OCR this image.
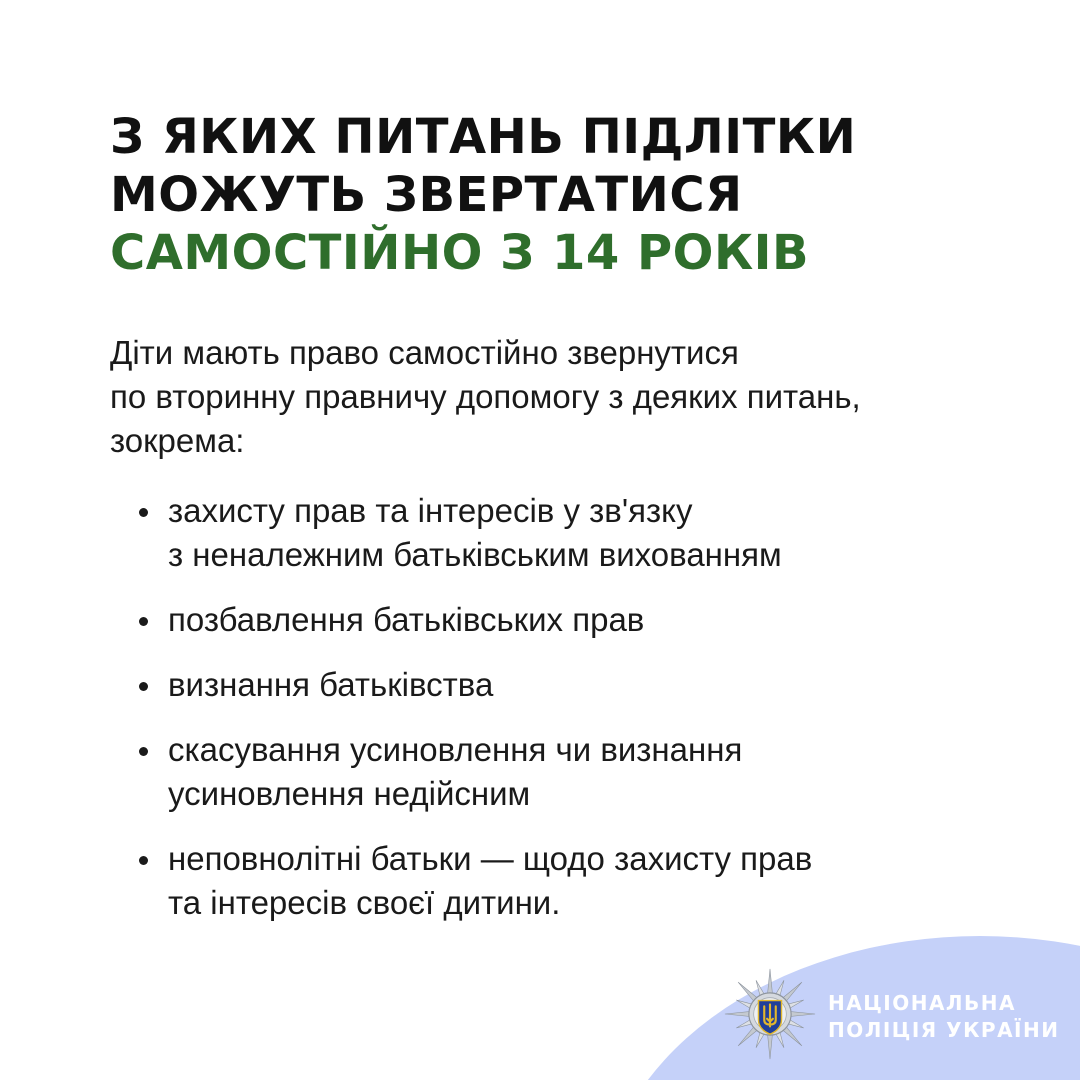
З ЯКИХ ПИТАНЬ ПІДЛІТКИ
МОЖУТЬ ЗВЕРТАТИСЯ
САМОСТІЙНО З 14 РОКІВ

Діти мають право самостійно звернутися
по вторинну правничу допомогу з деяких питань,
зокрема:

захисту прав та інтересів у зв'язку
з неналежним батьківським вихованням
позбавлення батьківських прав
визнання батьківства
скасування усиновлення чи визнання
усиновлення недійсним
неповнолітні батьки — щодо захисту прав
та інтересів своєї дитини.
НАЦІОНАЛЬНА
ПОЛІЦІЯ УКРАЇНИ
